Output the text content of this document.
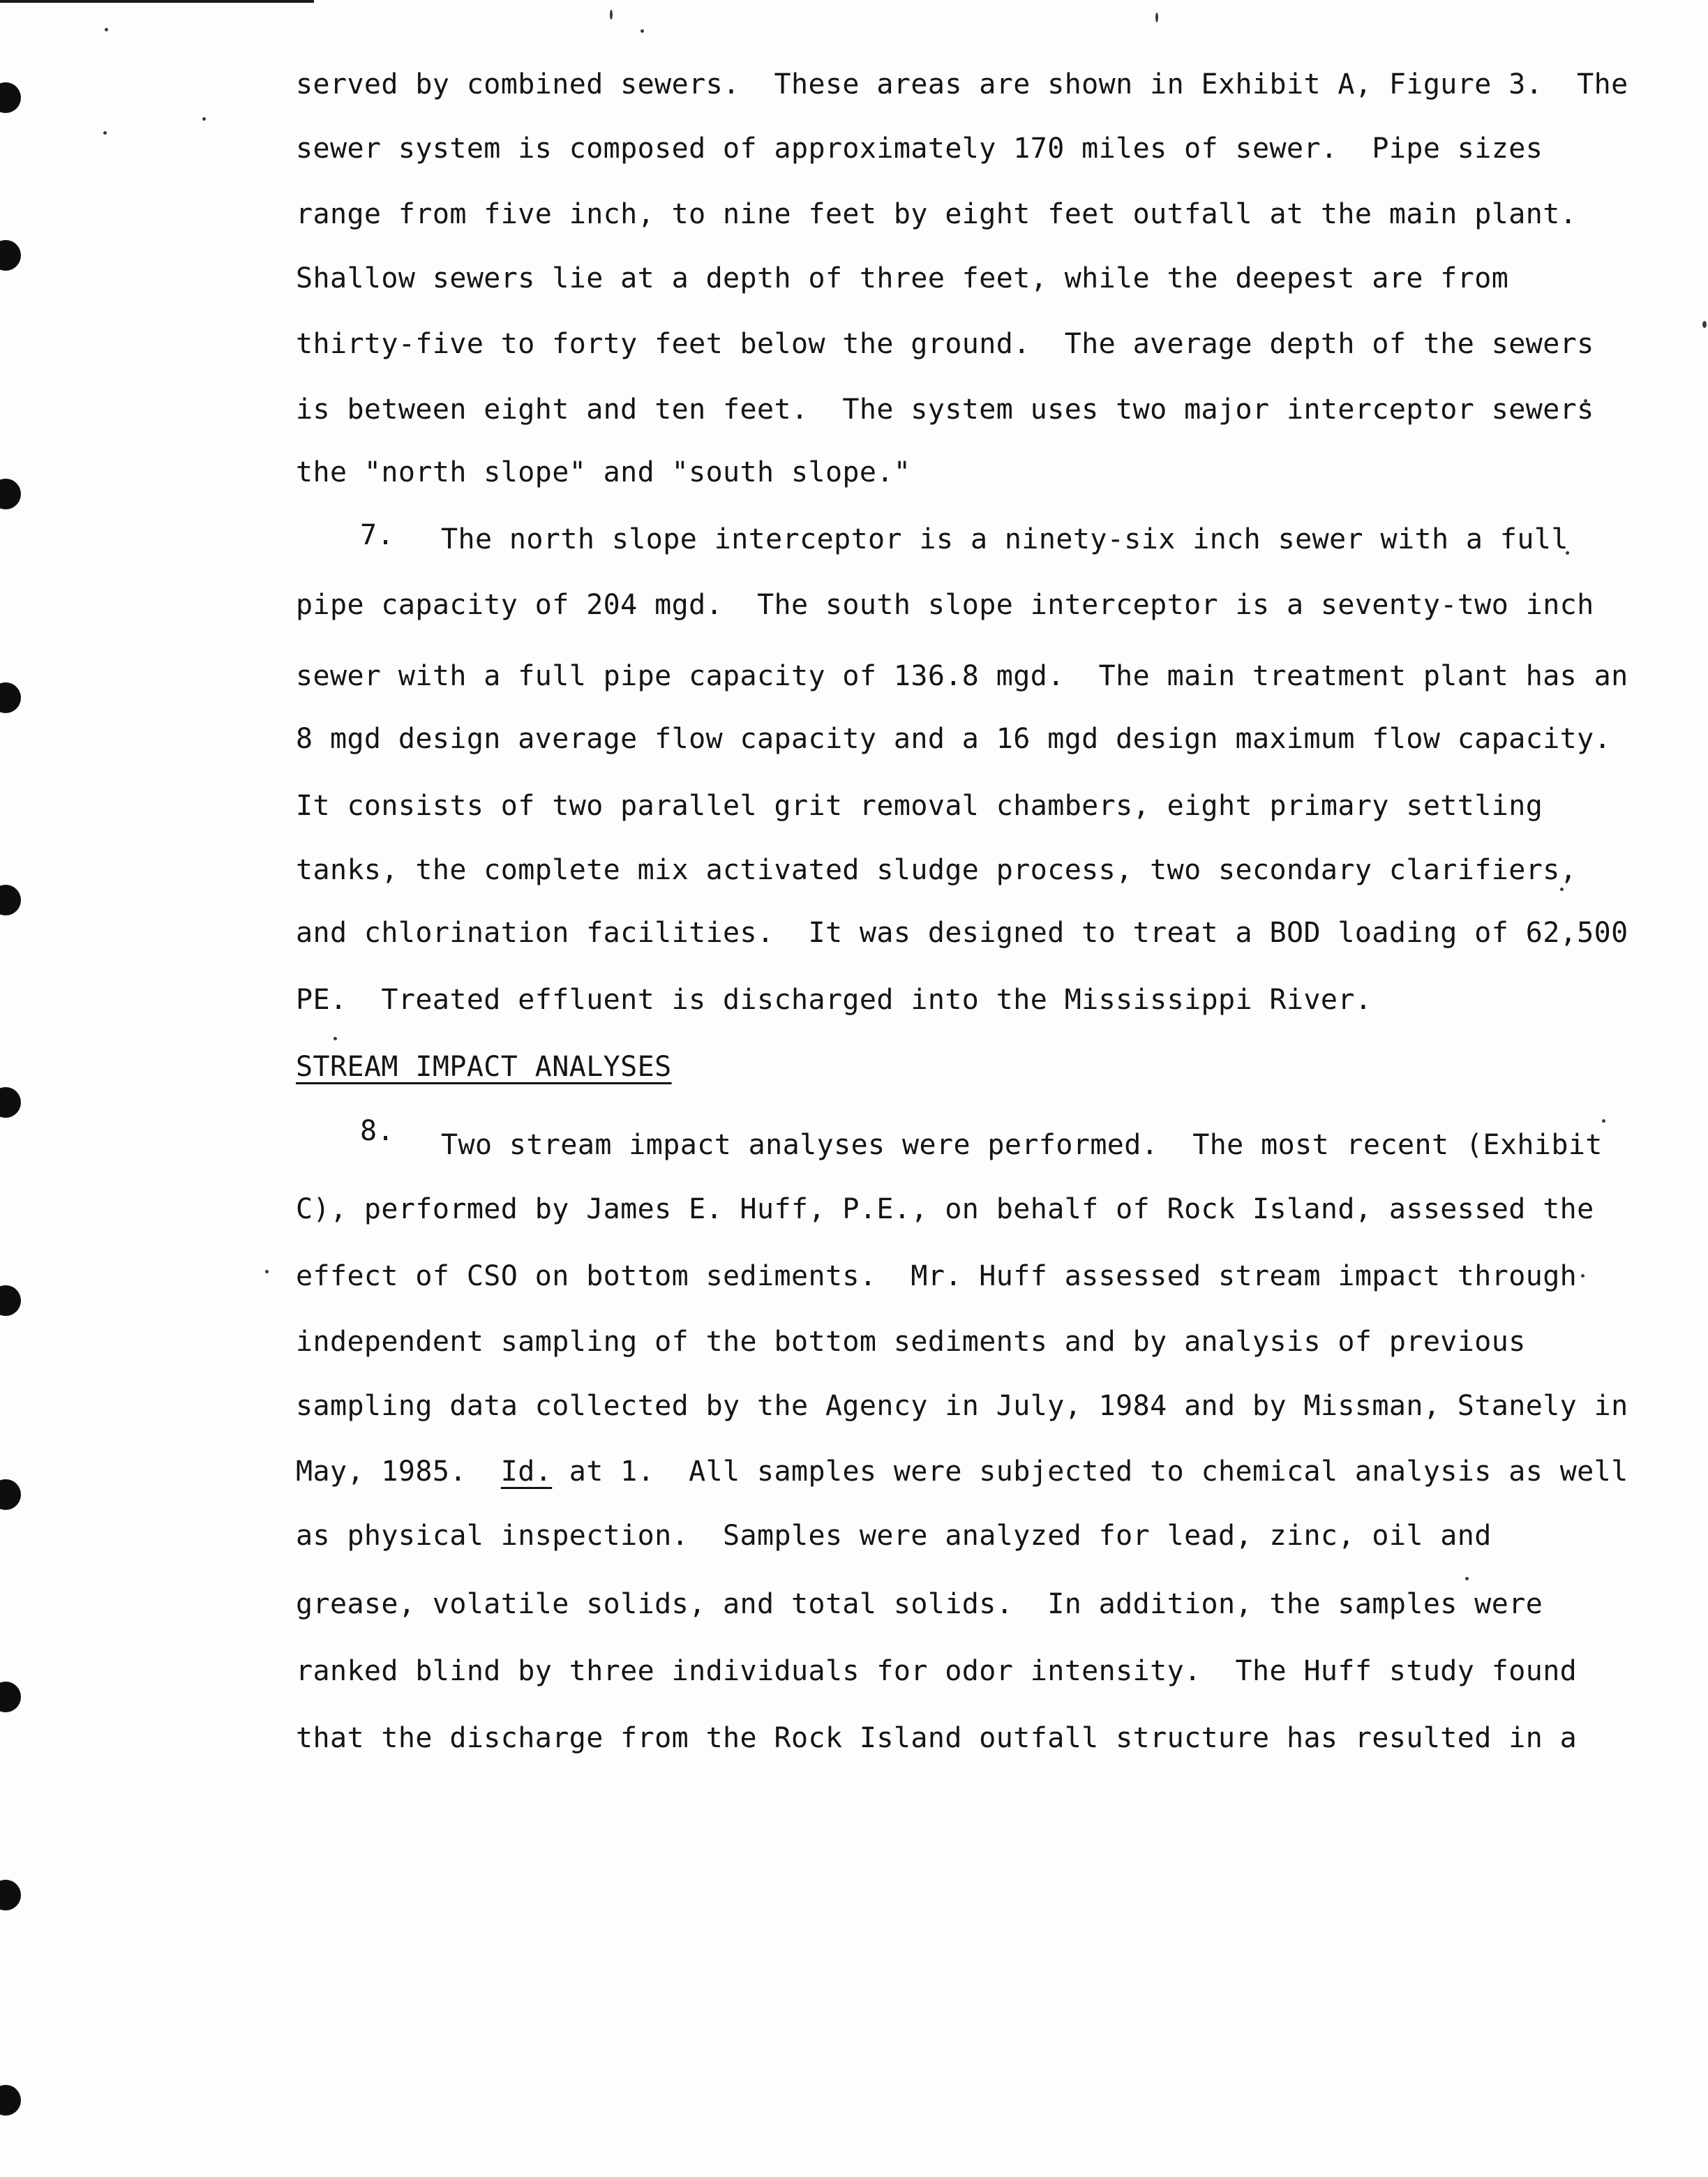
served by combined sewers.  These areas are shown in Exhibit A, Figure 3.  The
sewer system is composed of approximately 170 miles of sewer.  Pipe sizes
range from five inch, to nine feet by eight feet outfall at the main plant.
Shallow sewers lie at a depth of three feet, while the deepest are from
thirty-five to forty feet below the ground.  The average depth of the sewers
is between eight and ten feet.  The system uses two major interceptor sewers
the "north slope" and "south slope."
7.	The north slope interceptor is a ninety-six inch sewer with a full
pipe capacity of 204 mgd.  The south slope interceptor is a seventy-two inch
sewer with a full pipe capacity of 136.8 mgd.  The main treatment plant has an
8 mgd design average flow capacity and a 16 mgd design maximum flow capacity.
It consists of two parallel grit removal chambers, eight primary settling
tanks, the complete mix activated sludge process, two secondary clarifiers,
and chlorination facilities.  It was designed to treat a BOD loading of 62,500
PE.  Treated effluent is discharged into the Mississippi River.
STREAM IMPACT ANALYSES
8.	Two stream impact analyses were performed.  The most recent (Exhibit
C), performed by James E. Huff, P.E., on behalf of Rock Island, assessed the
effect of CSO on bottom sediments.  Mr. Huff assessed stream impact through
independent sampling of the bottom sediments and by analysis of previous
sampling data collected by the Agency in July, 1984 and by Missman, Stanely in
May, 1985.  Id. at 1.  All samples were subjected to chemical analysis as well
as physical inspection.  Samples were analyzed for lead, zinc, oil and
grease, volatile solids, and total solids.  In addition, the samples were
ranked blind by three individuals for odor intensity.  The Huff study found
that the discharge from the Rock Island outfall structure has resulted in a
